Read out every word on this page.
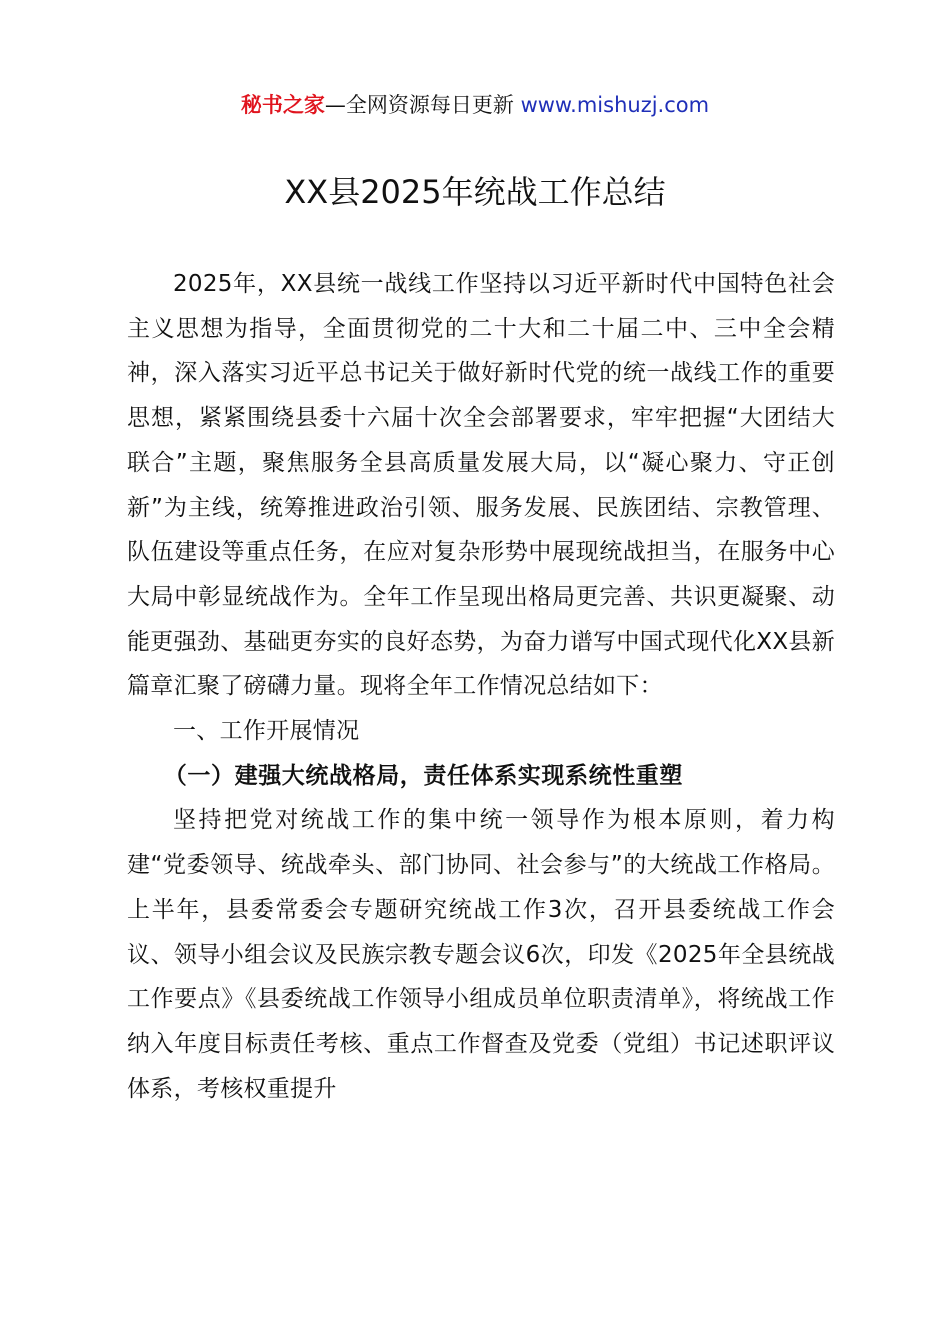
秘书之家—全网资源每日更新 www.mishuzj.com
XX县2025年统战工作总结

2025年，XX县统一战线工作坚持以习近平新时代中国特色社会主义思想为指导，全面贯彻党的二十大和二十届二中、三中全会精神，深入落实习近平总书记关于做好新时代党的统一战线工作的重要思想，紧紧围绕县委十六届十次全会部署要求，牢牢把握“大团结大联合”主题，聚焦服务全县高质量发展大局，以“凝心聚力、守正创新”为主线，统筹推进政治引领、服务发展、民族团结、宗教管理、队伍建设等重点任务，在应对复杂形势中展现统战担当，在服务中心大局中彰显统战作为。全年工作呈现出格局更完善、共识更凝聚、动能更强劲、基础更夯实的良好态势，为奋力谱写中国式现代化XX县新篇章汇聚了磅礴力量。现将全年工作情况总结如下：

一、工作开展情况

（一）建强大统战格局，责任体系实现系统性重塑

坚持把党对统战工作的集中统一领导作为根本原则，着力构建“党委领导、统战牵头、部门协同、社会参与”的大统战工作格局。上半年，县委常委会专题研究统战工作3次，召开县委统战工作会议、领导小组会议及民族宗教专题会议6次，印发《2025年全县统战工作要点》《县委统战工作领导小组成员单位职责清单》，将统战工作纳入年度目标责任考核、重点工作督查及党委（党组）书记述职评议体系，考核权重提升
